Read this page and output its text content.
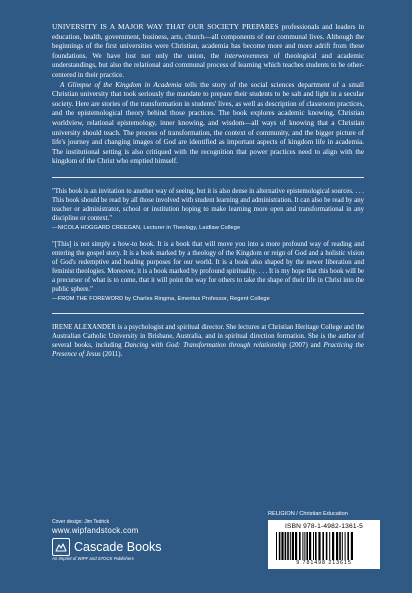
UNIVERSITY IS A MAJOR WAY THAT OUR SOCIETY PREPARES professionals and leaders in education, health, government, business, arts, church—all components of our communal lives. Although the beginnings of the first universities were Christian, academia has become more and more adrift from these foundations. We have lost not only the union, the interwovenness of theological and academic understandings, but also the relational and communal process of learning which teaches students to be other-centered in their practice.

A Glimpse of the Kingdom in Academia tells the story of the social sciences department of a small Christian university that took seriously the mandate to prepare their students to be salt and light in a secular society. Here are stories of the transformation in students' lives, as well as description of classroom practices, and the epistemological theory behind those practices. The book explores academic knowing, Christian worldview, relational epistemology, inner knowing, and wisdom—all ways of knowing that a Christian university should teach. The process of transformation, the context of community, and the bigger picture of life's journey and changing images of God are identified as important aspects of kingdom life in academia. The institutional setting is also critiqued with the recognition that power practices need to align with the kingdom of the Christ who emptied himself.

"This book is an invitation to another way of seeing, but it is also dense in alternative epistemological sources. . . . This book should be read by all those involved with student learning and administration. It can also be read by any teacher or administrator, school or institution hoping to make learning more open and transformational in any discipline or context."

—NICOLA HOGGARD CREEGAN, Lecturer in Theology, Laidlaw College

"[This] is not simply a how-to book. It is a book that will move you into a more profound way of reading and entering the gospel story. It is a book marked by a theology of the Kingdom or reign of God and a holistic vision of God's redemptive and healing purposes for our world. It is a book also shaped by the newer liberation and feminist theologies. Moreover, it is a book marked by profound spirituality. . . . It is my hope that this book will be a precursor of what is to come, that it will point the way for others to take the shape of their life in Christ into the public sphere."

—FROM THE FOREWORD by Charles Ringma, Emeritus Professor, Regent College

IRENE ALEXANDER is a psychologist and spiritual director. She lectures at Christian Heritage College and the Australian Catholic University in Brisbane, Australia, and in spiritual direction formation. She is the author of several books, including Dancing with God: Transformation through relationship (2007) and Practicing the Presence of Jesus (2011).

Cover design: Jim Tedrick

www.wipfandstock.com

Cascade Books

An Imprint of WIPF and STOCK Publishers

RELIGION / Christian Education

ISBN 978-1-4982-1361-5

9 781498 213615
